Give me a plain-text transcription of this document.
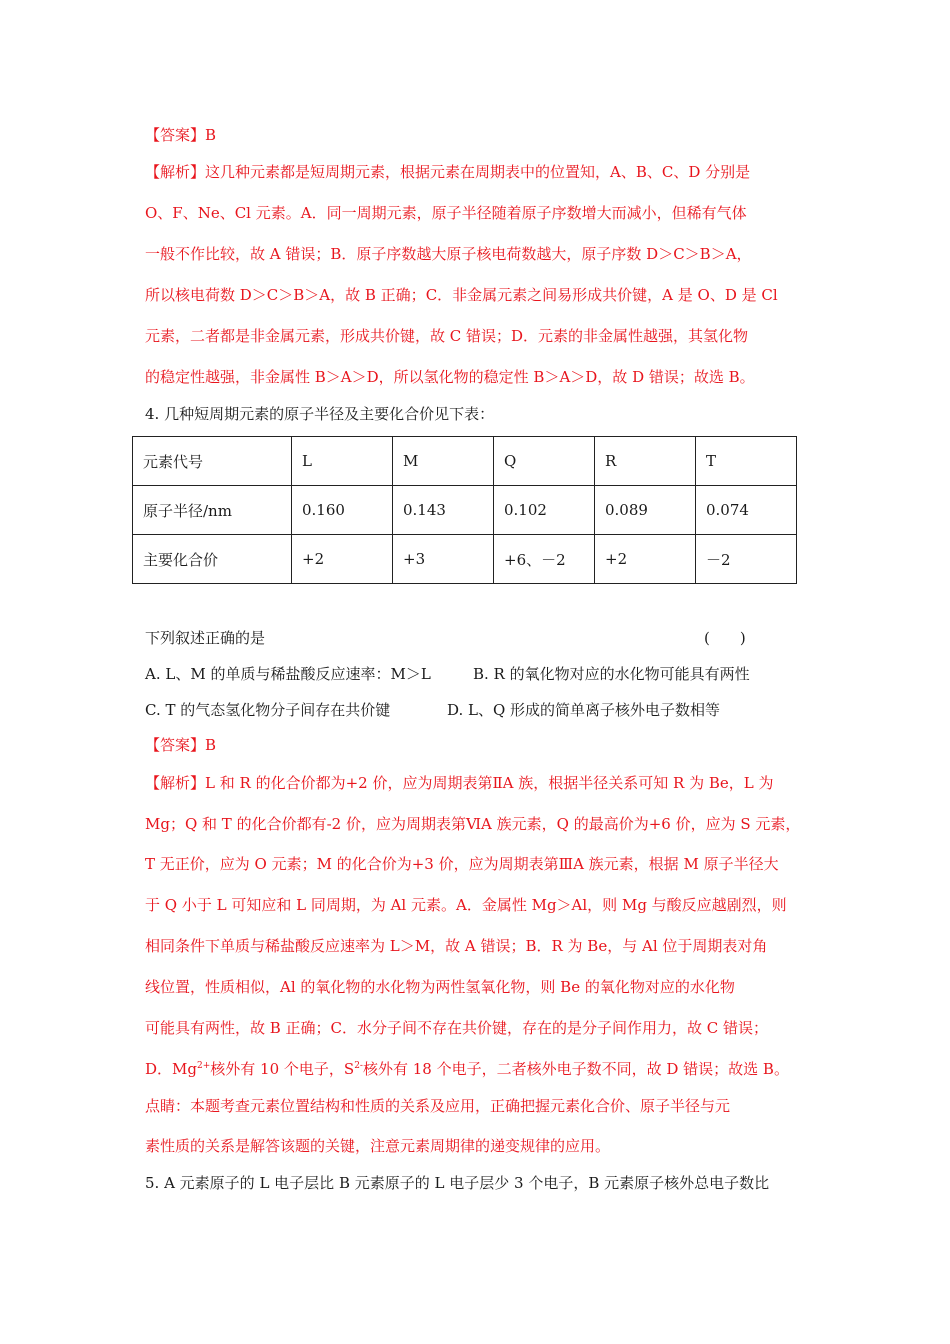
【答案】B
【解析】这几种元素都是短周期元素，根据元素在周期表中的位置知，A、B、C、D 分别是
O、F、Ne、Cl 元素。A．同一周期元素，原子半径随着原子序数增大而减小，但稀有气体
一般不作比较，故 A 错误；B．原子序数越大原子核电荷数越大，原子序数 D＞C＞B＞A，
所以核电荷数 D＞C＞B＞A，故 B 正确；C．非金属元素之间易形成共价键，A 是 O、D 是 Cl
元素，二者都是非金属元素，形成共价键，故 C 错误；D．元素的非金属性越强，其氢化物
的稳定性越强，非金属性 B＞A＞D，所以氢化物的稳定性 B＞A＞D，故 D 错误；故选 B。
4. 几种短周期元素的原子半径及主要化合价见下表：
元素代号	L	M	Q	R	T
原子半径/nm	0.160	0.143	0.102	0.089	0.074
主要化合价	+2	+3	+6、－2	+2	－2
下列叙述正确的是	(　　)
A. L、M 的单质与稀盐酸反应速率：M＞L	B. R 的氧化物对应的水化物可能具有两性
C. T 的气态氢化物分子间存在共价键	D. L、Q 形成的简单离子核外电子数相等
【答案】B
【解析】L 和 R 的化合价都为+2 价，应为周期表第ⅡA 族，根据半径关系可知 R 为 Be，L 为
Mg；Q 和 T 的化合价都有-2 价，应为周期表第ⅥA 族元素，Q 的最高价为+6 价，应为 S 元素，
T 无正价，应为 O 元素；M 的化合价为+3 价，应为周期表第ⅢA 族元素，根据 M 原子半径大
于 Q 小于 L 可知应和 L 同周期，为 Al 元素。A．金属性 Mg＞Al，则 Mg 与酸反应越剧烈，则
相同条件下单质与稀盐酸反应速率为 L＞M，故 A 错误；B．R 为 Be，与 Al 位于周期表对角
线位置，性质相似，Al 的氧化物的水化物为两性氢氧化物，则 Be 的氧化物对应的水化物
可能具有两性，故 B 正确；C．水分子间不存在共价键，存在的是分子间作用力，故 C 错误；
D．$Mg^{2+}$核外有 10 个电子，$S^{2-}$核外有 18 个电子，二者核外电子数不同，故 D 错误；故选 B。
点睛：本题考查元素位置结构和性质的关系及应用，正确把握元素化合价、原子半径与元
素性质的关系是解答该题的关键，注意元素周期律的递变规律的应用。
5. A 元素原子的 L 电子层比 B 元素原子的 L 电子层少 3 个电子，B 元素原子核外总电子数比
